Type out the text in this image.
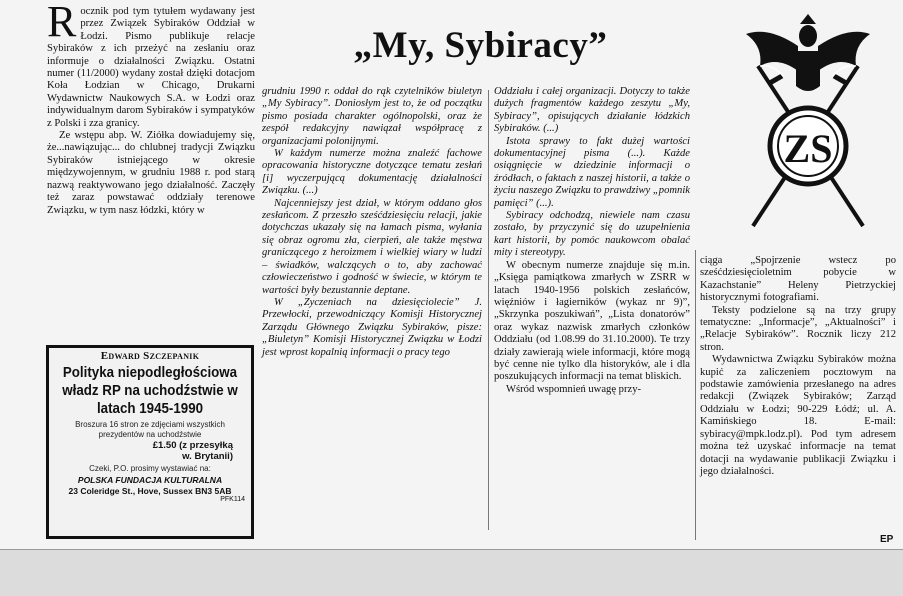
Rocznik pod tym tytułem wydawany jest przez Związek Sybiraków Oddział w Łodzi. Pismo publikuje relacje Sybiraków z ich przeżyć na zesłaniu oraz informuje o działalności Związku. Ostatni numer (11/2000) wydany został dzięki dotacjom Koła Łodzian w Chicago, Drukarni Wydawnictw Naukowych S.A. w Łodzi oraz indywidualnym darom Sybiraków i sympatyków z Polski i zza granicy.

Ze wstępu abp. W. Ziółka dowiadujemy się, że...nawiązując... do chlubnej tradycji Związku Sybiraków istniejącego w okresie międzywojennym, w grudniu 1988 r. pod starą nazwą reaktywowano jego działalność. Zaczęły też zaraz powstawać oddziały terenowe Związku, w tym nasz łódzki, który w

„My, Sybiracy”
Edward Szczepanik
Polityka niepodległościowa władz RP na uchodźstwie w latach 1945-1990
Broszura 16 stron ze zdjęciami wszystkich prezydentów na uchodźstwie
£1.50 (z przesyłką
w. Brytanii)
Czeki, P.O. prosimy wystawiać na:
POLSKA FUNDACJA KULTURALNA
23 Coleridge St., Hove, Sussex BN3 5AB
PFK114

grudniu 1990 r. oddał do rąk czytelników biuletyn „My Sybiracy”. Doniosłym jest to, że od początku pismo posiada charakter ogólnopolski, oraz że zespół redakcyjny nawiązał współpracę z organizacjami polonijnymi.

W każdym numerze można znaleźć fachowe opracowania historyczne dotyczące tematu zesłań [i] wyczerpującą dokumentację działalności Związku. (...)

Najcenniejszy jest dział, w którym oddano głos zesłańcom. Z przeszło sześćdziesięciu relacji, jakie dotychczas ukazały się na łamach pisma, wyłania się obraz ogromu zła, cierpień, ale także męstwa graniczącego z heroizmem i wielkiej wiary w ludzi – świadków, walczących o to, aby zachować człowieczeństwo i godność w świecie, w którym te wartości były bezustannie deptane.

W „Zyczeniach na dziesięciolecie” J. Przewłocki, przewodniczący Komisji Historycznej Zarządu Głównego Związku Sybiraków, pisze: „Biuletyn” Komisji Historycznej Związku w Łodzi jest wprost kopalnią informacji o pracy tego

Oddziału i całej organizacji. Dotyczy to także dużych fragmentów każdego zeszytu „My, Sybiracy”, opisujących działanie łódzkich Sybiraków. (...)

Istota sprawy to fakt dużej wartości dokumentacyjnej pisma (...). Każde osiągnięcie w dziedzinie informacji o źródłach, o faktach z naszej historii, a także o życiu naszego Związku to prawdziwy „pomnik pamięci” (...).

Sybiracy odchodzą, niewiele nam czasu zostało, by przyczynić się do uzupełnienia kart historii, by pomóc naukowcom obalać mity i stereotypy.

W obecnym numerze znajduje się m.in. „Księga pamiątkowa zmarłych w ZSRR w latach 1940-1956 polskich zesłańców, więźniów i łagierników (wykaz nr 9)”, „Skrzynka poszukiwań”, „Lista donatorów” oraz wykaz nazwisk zmarłych członków Oddziału (od 1.08.99 do 31.10.2000). Te trzy działy zawierają wiele informacji, które mogą być cenne nie tylko dla historyków, ale i dla poszukujących informacji na temat bliskich.

Wśród wspomnień uwagę przy-

ZS

ciąga „Spojrzenie wstecz po sześćdziesięcioletnim pobycie w Kazachstanie” Heleny Pietrzyckiej historycznymi fotografiami.

Teksty podzielone są na trzy grupy tematyczne: „Informacje”, „Aktualności” i „Relacje Sybiraków”. Rocznik liczy 212 stron.

Wydawnictwa Związku Sybiraków można kupić za zaliczeniem pocztowym na podstawie zamówienia przesłanego na adres redakcji (Związek Sybiraków; Zarząd Oddziału w Łodzi; 90-229 Łódź; ul. A. Kamińskiego 18. E-mail: sybiracy@mpk.lodz.pl). Pod tym adresem można też uzyskać informacje na temat dotacji na wydawanie publikacji Związku i jego działalności.

EP
